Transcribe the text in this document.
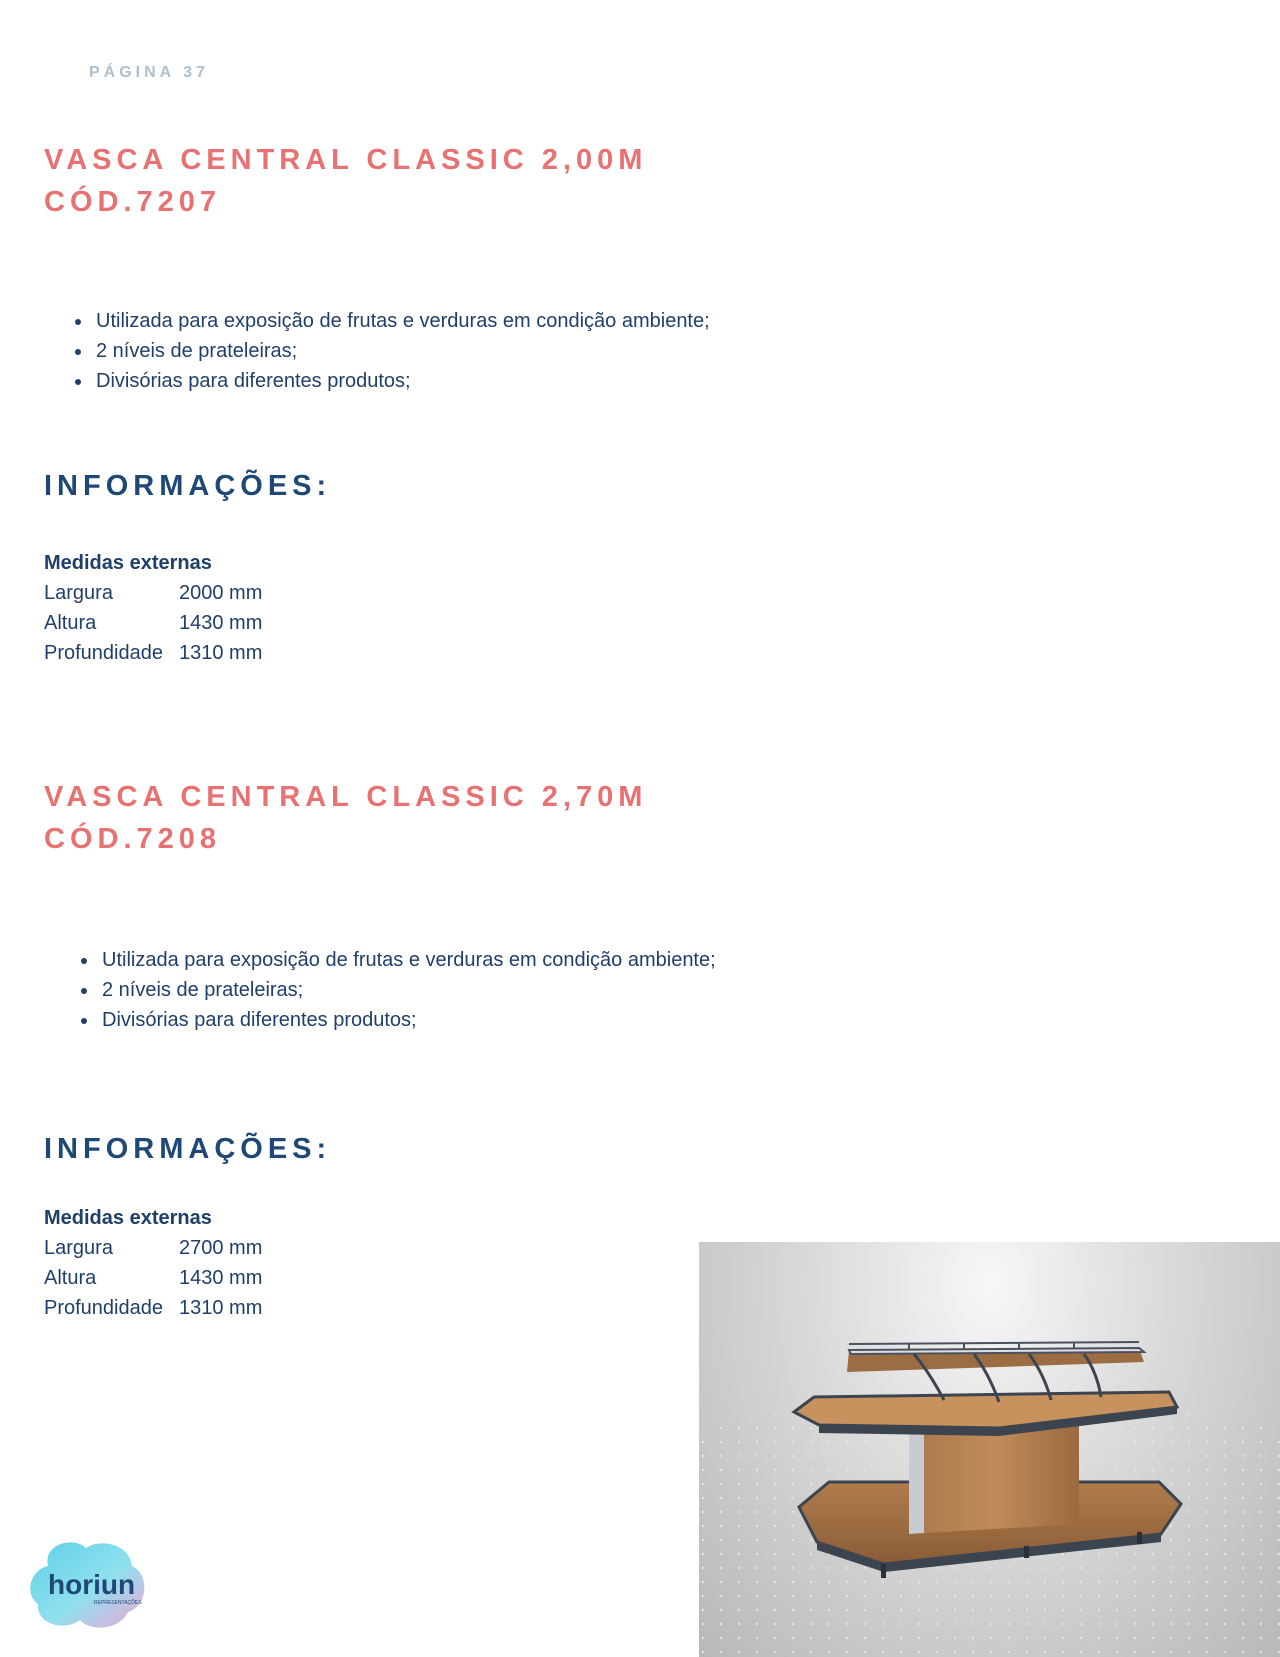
PÁGINA 37
VASCA CENTRAL CLASSIC 2,00M
CÓD.7207
Utilizada para exposição de frutas e verduras em condição ambiente;
2 níveis de prateleiras;
Divisórias para diferentes produtos;
INFORMAÇÕES:
Medidas externas
Largura	2000 mm
Altura	1430 mm
Profundidade 1310 mm
VASCA CENTRAL CLASSIC 2,70M
CÓD.7208
Utilizada para exposição de frutas e verduras em condição ambiente;
2 níveis de prateleiras;
Divisórias para diferentes produtos;
INFORMAÇÕES:
Medidas externas
Largura	2700 mm
Altura	1430 mm
Profundidade 1310 mm
horiun
REPRESENTAÇÕES
